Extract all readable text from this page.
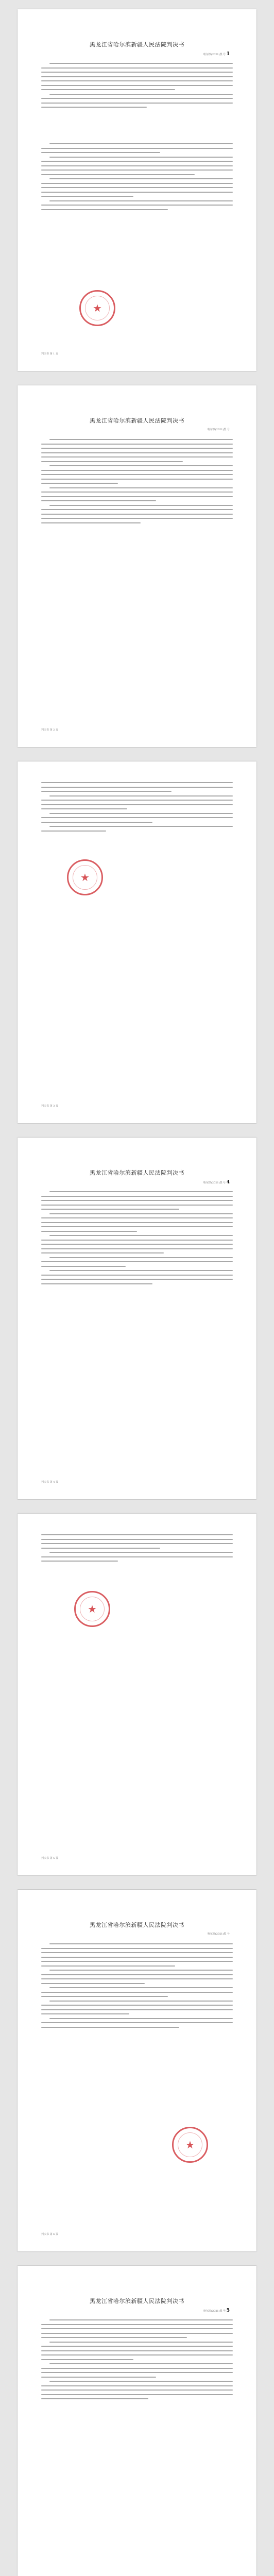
黑龙江省哈尔滨新疆人民法院判决书
哈尔滨(2021)黑 号 1
★
判决书 第 1 页
黑龙江省哈尔滨新疆人民法院判决书
哈尔滨(2021)黑 号
判决书 第 2 页
★
判决书 第 3 页
黑龙江省哈尔滨新疆人民法院判决书
哈尔滨(2021)黑 号 4
判决书 第 4 页
★
判决书 第 5 页
黑龙江省哈尔滨新疆人民法院判决书
哈尔滨(2021)黑 号
★
判决书 第 6 页
黑龙江省哈尔滨新疆人民法院判决书
哈尔滨(2021)黑 号 5
